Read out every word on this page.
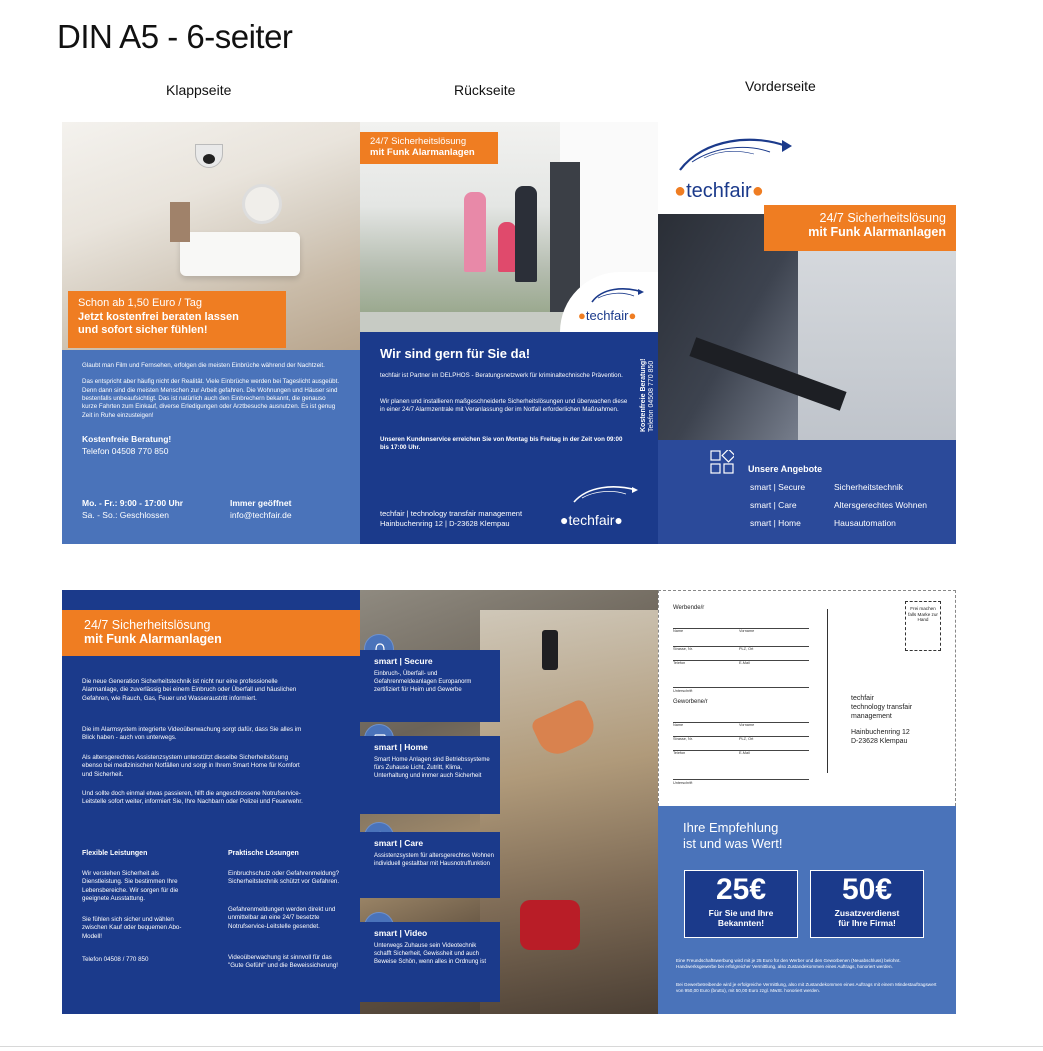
DIN A5 - 6-seiter
Klappseite	Rückseite	Vorderseite
Schon ab 1,50 Euro / Tag
Jetzt kostenfrei beraten lassen
und sofort sicher fühlen!

Glaubt man Film und Fernsehen, erfolgen die meisten Einbrüche während der Nachtzeit.

Das entspricht aber häufig nicht der Realität. Viele Einbrüche werden bei Tageslicht ausgeübt. Denn dann sind die meisten Menschen zur Arbeit gefahren. Die Wohnungen und Häuser sind bestenfalls unbeaufsichtigt. Das ist natürlich auch den Einbrechern bekannt, die genauso kurze Fahrten zum Einkauf, diverse Erledigungen oder Arztbesuche ausnutzen. Es ist genug Zeit in Ruhe einzusteigen!

Kostenfreie Beratung!
Telefon 04508 770 850
Mo. - Fr.: 9:00 - 17:00 Uhr
Sa. - So.: Geschlossen
Immer geöffnet
info@techfair.de
24/7 Sicherheitslösung
mit Funk Alarmanlagen
●techfair●
Wir sind gern für Sie da!

techfair ist Partner im DELPHOS - Beratungsnetzwerk für kriminaltechnische Prävention.

Wir planen und installieren maßgeschneiderte Sicherheitslösungen und überwachen diese in einer 24/7 Alarmzentrale mit Veranlassung der im Notfall erforderlichen Maßnahmen.

Unseren Kundenservice erreichen Sie von Montag bis Freitag in der Zeit von 09:00 bis 17:00 Uhr.

techfair | technology transfair management
Hainbuchenring 12 | D-23628 Klempau	●techfair●
Kostenfreie Beratung! Telefon 04508 770 850
●techfair●
24/7 Sicherheitslösung
mit Funk Alarmanlagen
Unsere Angebote
smart | Secure	Sicherheitstechnik
smart | Care	Altersgerechtes Wohnen
smart | Home	Hausautomation
24/7 Sicherheitslösung
mit Funk Alarmanlagen

Die neue Generation Sicherheitstechnik ist nicht nur eine professionelle Alarmanlage, die zuverlässig bei einem Einbruch oder Überfall und häuslichen Gefahren, wie Rauch, Gas, Feuer und Wasseraustritt informiert.

Die im Alarmsystem integrierte Videoüberwachung sorgt dafür, dass Sie alles im Blick haben - auch von unterwegs.

Als altersgerechtes Assistenzsystem unterstützt dieselbe Sicherheitslösung ebenso bei medizinischen Notfällen und sorgt in Ihrem Smart Home für Komfort und Sicherheit.

Und sollte doch einmal etwas passieren, hilft die angeschlossene Notrufservice-Leitstelle sofort weiter, informiert Sie, Ihre Nachbarn oder Polizei und Feuerwehr.

Flexible Leistungen

Wir verstehen Sicherheit als Dienstleistung. Sie bestimmen Ihre Lebensbereiche. Wir sorgen für die geeignete Ausstattung.

Sie fühlen sich sicher und wählen zwischen Kauf oder bequemen Abo-Modell!

Telefon 04508 / 770 850
Praktische Lösungen

Einbruchschutz oder Gefahrenmeldung? Sicherheitstechnik schützt vor Gefahren.

Gefahrenmeldungen werden direkt und unmittelbar an eine 24/7 besetzte Notrufservice-Leitstelle gesendet.

Videoüberwachung ist sinnvoll für das "Gute Gefühl" und die Beweissicherung!

smart | Secure
Einbruch-, Überfall- und Gefahrenmeldeanlagen Europanorm zertifiziert für Heim und Gewerbe
smart | Home
Smart Home Anlagen sind Betriebssysteme fürs Zuhause Licht, Zutritt, Klima, Unterhaltung und immer auch Sicherheit
smart | Care
Assistenzsystem für altersgerechtes Wohnen individuell gestaltbar mit Hausnotruffunktion
smart | Video
Unterwegs Zuhause sein Videotechnik schafft Sicherheit, Gewissheit und auch Beweise Schön, wenn alles in Ordnung ist
Werbende/r
Name	Vorname
Strasse, Nr.	PLZ, Ort
Telefon	E-Mail
Unterschrift
Geworbene/r
Name	Vorname
Strasse, Nr.	PLZ, Ort
Telefon	E-Mail
Unterschrift
Frei machen falls Marke zur Hand
techfair
technology transfair
management
Hainbuchenring 12
D-23628 Klempau
Ihre Empfehlung
ist und was Wert!
25€
Für Sie und Ihre
Bekannten!
50€
Zusatzverdienst
für Ihre Firma!

Eine Freundschaftswerbung wird mit je 25 Euro für den Werber und den Geworbenen (Neuabschluss) belohnt. Handwerksgewerbe bei erfolgreicher Vermittlung, also Zustandekommen eines Auftrags, honoriert werden.

Bei Gewerbetreibende wird je erfolgreiche Vermittlung, also mit Zustandekommen eines Auftrags mit einem Mindestauftragswert von 950,00 Euro (brutto), mit 50,00 Euro zzgl. MwSt. honoriert werden.
